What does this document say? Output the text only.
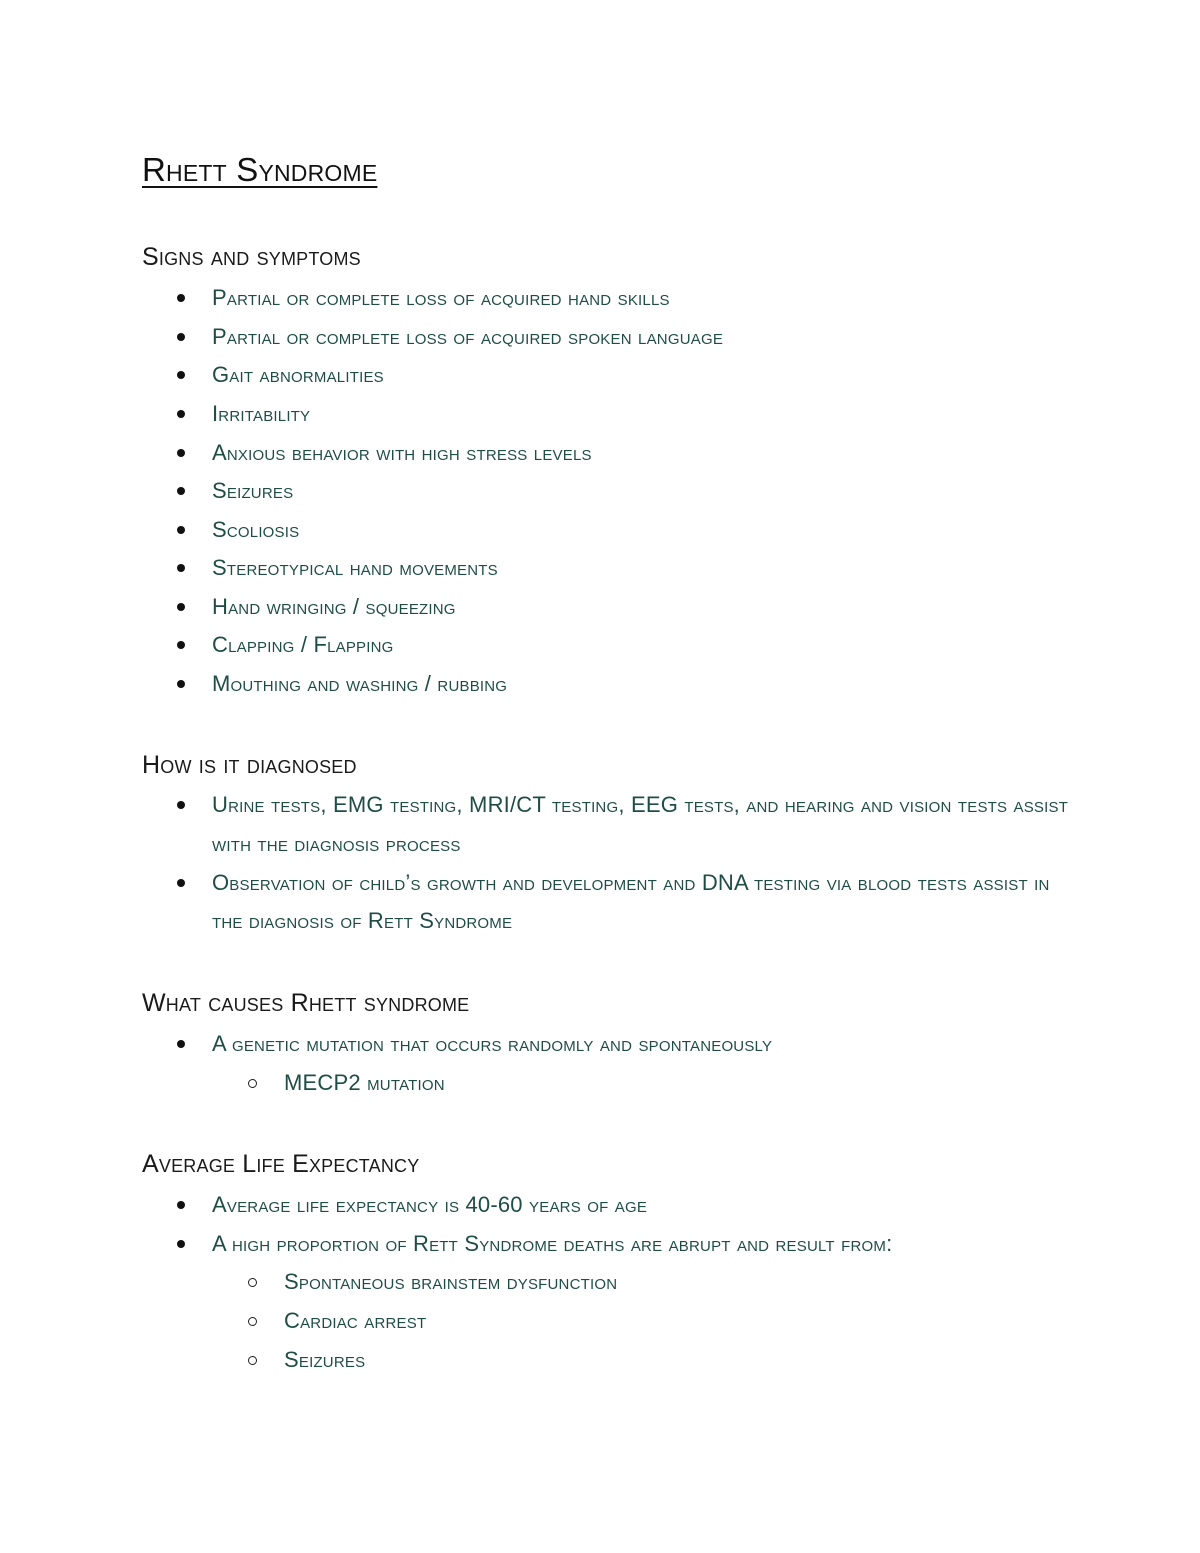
Rhett Syndrome
Signs and symptoms
Partial or complete loss of acquired hand skills
Partial or complete loss of acquired spoken language
Gait abnormalities
Irritability
Anxious behavior with high stress levels
Seizures
Scoliosis
Stereotypical hand movements
Hand wringing / squeezing
Clapping / Flapping
Mouthing and washing / rubbing
How is it diagnosed
Urine tests, EMG testing, MRI/CT testing, EEG tests, and hearing and vision tests assist
with the diagnosis process
Observation of child’s growth and development and DNA testing via blood tests assist in
the diagnosis of Rett Syndrome
What causes Rhett syndrome
A genetic mutation that occurs randomly and spontaneously
MECP2 mutation
Average Life Expectancy
Average life expectancy is 40-60 years of age
A high proportion of Rett Syndrome deaths are abrupt and result from:
Spontaneous brainstem dysfunction
Cardiac arrest
Seizures
